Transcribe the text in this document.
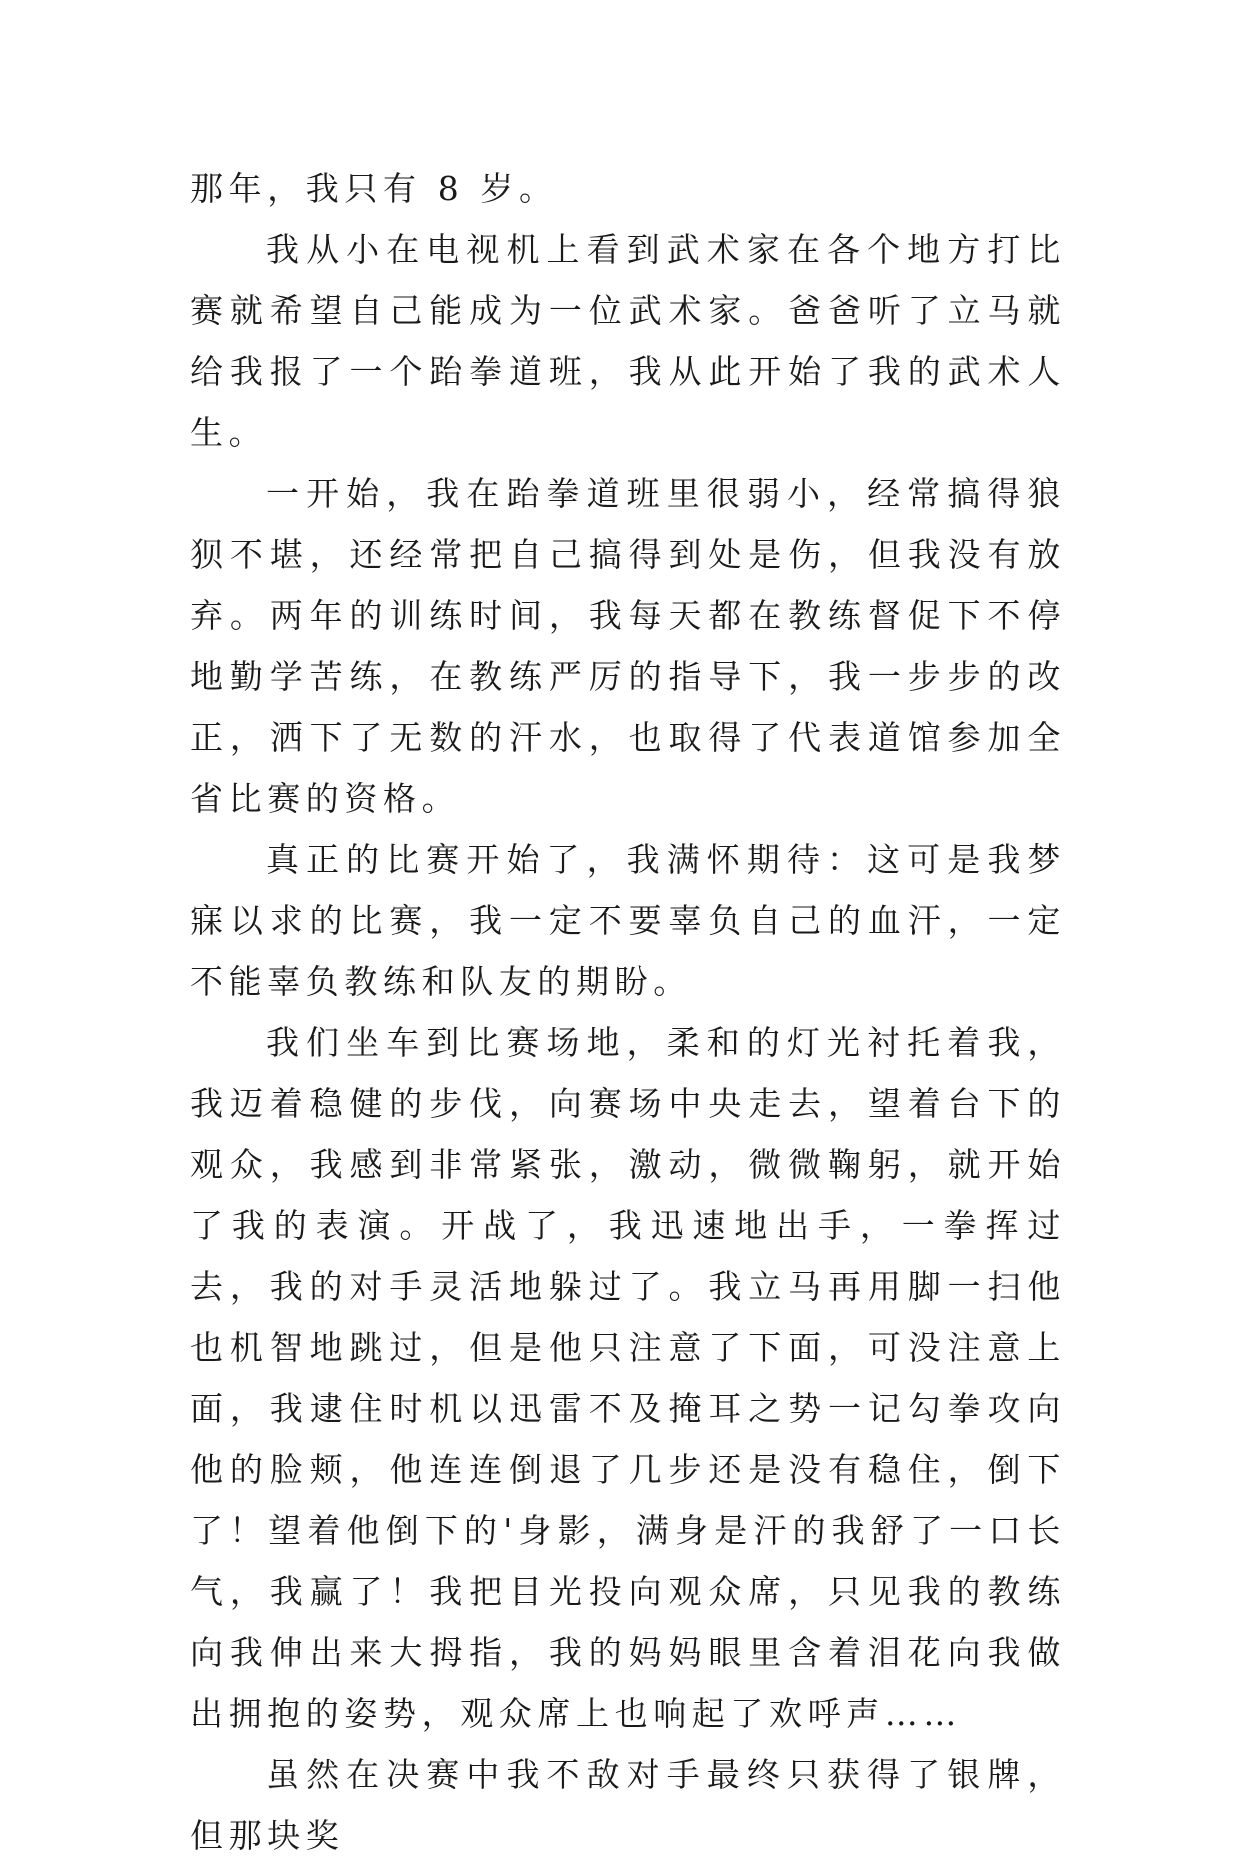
那年，我只有 8 岁。

我从小在电视机上看到武术家在各个地方打比赛就希望自己能成为一位武术家。爸爸听了立马就给我报了一个跆拳道班，我从此开始了我的武术人生。

一开始，我在跆拳道班里很弱小，经常搞得狼狈不堪，还经常把自己搞得到处是伤，但我没有放弃。两年的训练时间，我每天都在教练督促下不停地勤学苦练，在教练严厉的指导下，我一步步的改正，洒下了无数的汗水，也取得了代表道馆参加全省比赛的资格。

真正的比赛开始了，我满怀期待：这可是我梦寐以求的比赛，我一定不要辜负自己的血汗，一定不能辜负教练和队友的期盼。

我们坐车到比赛场地，柔和的灯光衬托着我，我迈着稳健的步伐，向赛场中央走去，望着台下的观众，我感到非常紧张，激动，微微鞠躬，就开始了我的表演。开战了，我迅速地出手，一拳挥过去，我的对手灵活地躲过了。我立马再用脚一扫他也机智地跳过，但是他只注意了下面，可没注意上面，我逮住时机以迅雷不及掩耳之势一记勾拳攻向他的脸颊，他连连倒退了几步还是没有稳住，倒下了！望着他倒下的'身影，满身是汗的我舒了一口长气，我赢了！我把目光投向观众席，只见我的教练向我伸出来大拇指，我的妈妈眼里含着泪花向我做出拥抱的姿势，观众席上也响起了欢呼声……

虽然在决赛中我不敌对手最终只获得了银牌，但那块奖
